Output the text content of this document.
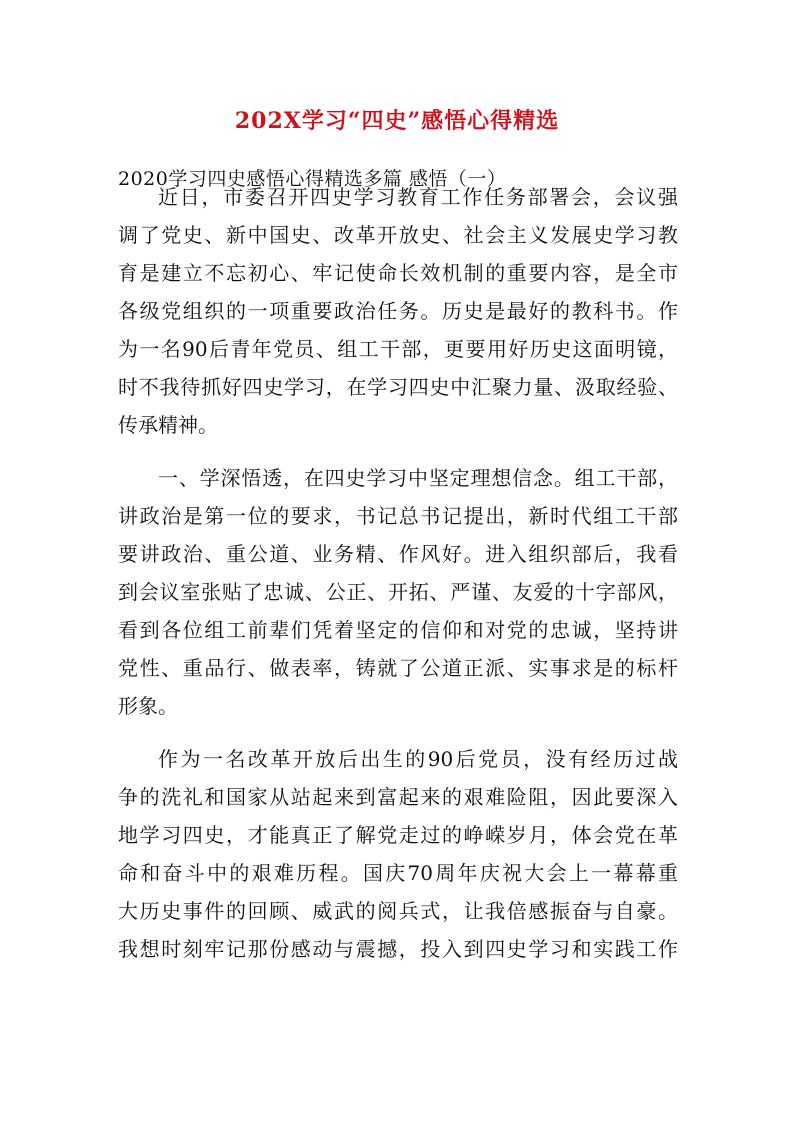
202X学习“四史”感悟心得精选
2020学习四史感悟心得精选多篇 感悟（一）
近日，市委召开四史学习教育工作任务部署会，会议强
调了党史、新中国史、改革开放史、社会主义发展史学习教
育是建立不忘初心、牢记使命长效机制的重要内容，是全市
各级党组织的一项重要政治任务。历史是最好的教科书。作
为一名90后青年党员、组工干部，更要用好历史这面明镜，
时不我待抓好四史学习，在学习四史中汇聚力量、汲取经验、
传承精神。
一、学深悟透，在四史学习中坚定理想信念。组工干部，
讲政治是第一位的要求，书记总书记提出，新时代组工干部
要讲政治、重公道、业务精、作风好。进入组织部后，我看
到会议室张贴了忠诚、公正、开拓、严谨、友爱的十字部风，
看到各位组工前辈们凭着坚定的信仰和对党的忠诚，坚持讲
党性、重品行、做表率，铸就了公道正派、实事求是的标杆
形象。
作为一名改革开放后出生的90后党员，没有经历过战
争的洗礼和国家从站起来到富起来的艰难险阻，因此要深入
地学习四史，才能真正了解党走过的峥嵘岁月，体会党在革
命和奋斗中的艰难历程。国庆70周年庆祝大会上一幕幕重
大历史事件的回顾、威武的阅兵式，让我倍感振奋与自豪。
我想时刻牢记那份感动与震撼，投入到四史学习和实践工作
